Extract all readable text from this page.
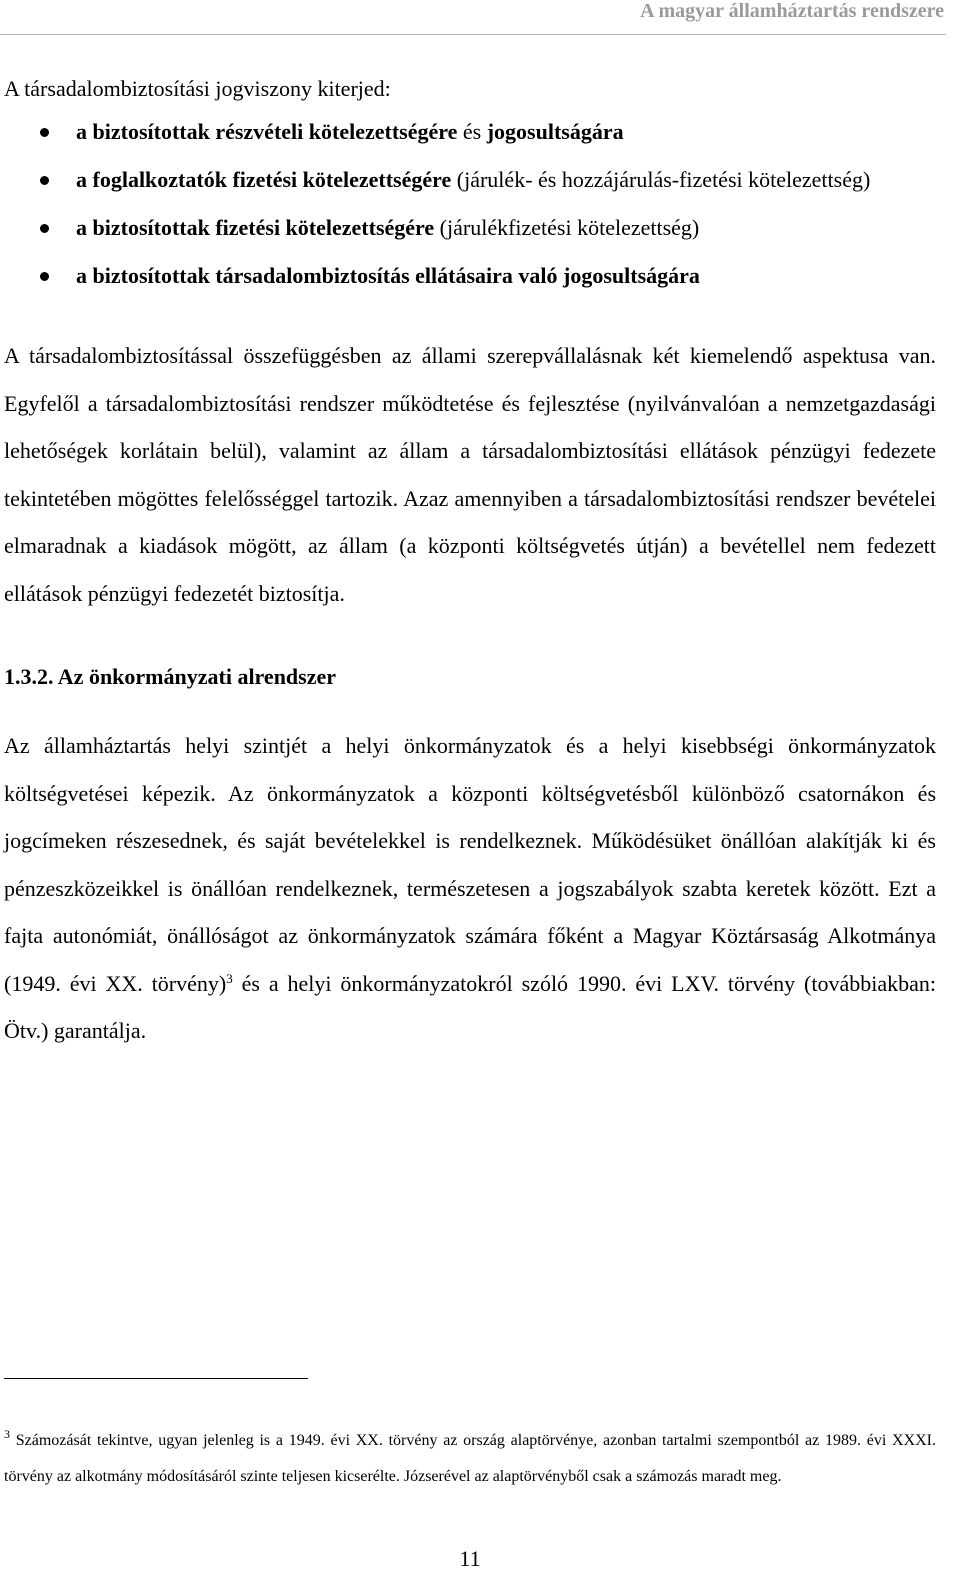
A magyar államháztartás rendszere

A társadalombiztosítási jogviszony kiterjed:

a biztosítottak részvételi kötelezettségére és jogosultságára
a foglalkoztatók fizetési kötelezettségére (járulék- és hozzájárulás-fizetési kötelezettség)
a biztosítottak fizetési kötelezettségére (járulékfizetési kötelezettség)
a biztosítottak társadalombiztosítás ellátásaira való jogosultságára

A társadalombiztosítással összefüggésben az állami szerepvállalásnak két kiemelendő aspektusa van. Egyfelől a társadalombiztosítási rendszer működtetése és fejlesztése (nyilvánvalóan a nemzetgazdasági lehetőségek korlátain belül), valamint az állam a társadalombiztosítási ellátások pénzügyi fedezete tekintetében mögöttes felelősséggel tartozik. Azaz amennyiben a társadalombiztosítási rendszer bevételei elmaradnak a kiadások mögött, az állam (a központi költségvetés útján) a bevétellel nem fedezett ellátások pénzügyi fedezetét biztosítja.

1.3.2. Az önkormányzati alrendszer

Az államháztartás helyi szintjét a helyi önkormányzatok és a helyi kisebbségi önkormányzatok költségvetései képezik. Az önkormányzatok a központi költségvetésből különböző csatornákon és jogcímeken részesednek, és saját bevételekkel is rendelkeznek. Működésüket önállóan alakítják ki és pénzeszközeikkel is önállóan rendelkeznek, természetesen a jogszabályok szabta keretek között. Ezt a fajta autonómiát, önállóságot az önkormányzatok számára főként a Magyar Köztársaság Alkotmánya (1949. évi XX. törvény)$^3$ és a helyi önkormányzatokról szóló 1990. évi LXV. törvény (továbbiakban: Ötv.) garantálja.

$^3$ Számozását tekintve, ugyan jelenleg is a 1949. évi XX. törvény az ország alaptörvénye, azonban tartalmi szempontból az 1989. évi XXXI. törvény az alkotmány módosításáról szinte teljesen kicserélte. Józserével az alaptörvényből csak a számozás maradt meg.
11
